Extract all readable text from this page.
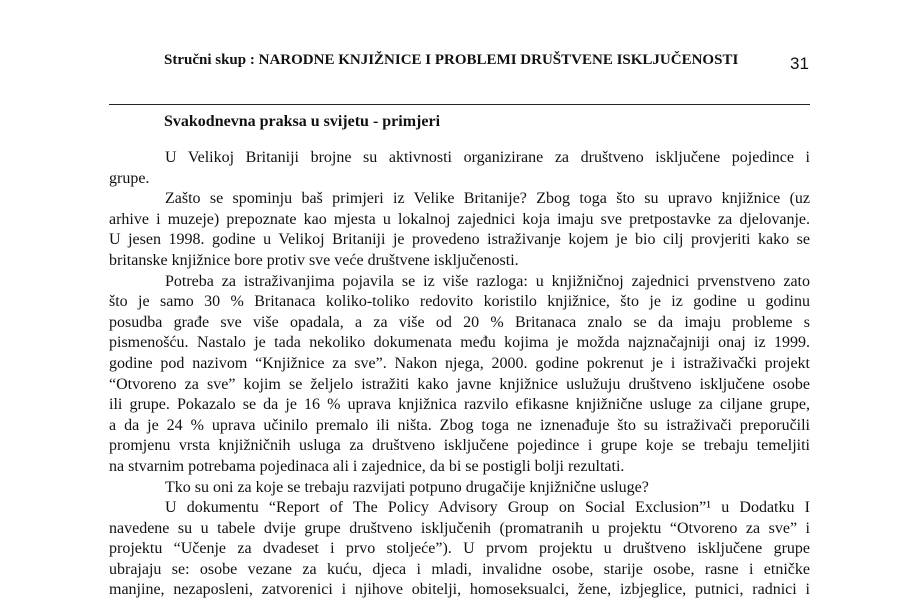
Stručni skup : NARODNE KNJIŽNICE I PROBLEMI DRUŠTVENE ISKLJUČENOSTI	31
Svakodnevna praksa u svijetu - primjeri
U Velikoj Britaniji brojne su aktivnosti organizirane za društveno isključene pojedince i
grupe.
Zašto se spominju baš primjeri iz Velike Britanije? Zbog toga što su upravo knjižnice (uz
arhive i muzeje) prepoznate kao mjesta u lokalnoj zajednici koja imaju sve pretpostavke za djelovanje.
U jesen 1998. godine u Velikoj Britaniji je provedeno istraživanje kojem je bio cilj provjeriti kako se
britanske knjižnice bore protiv sve veće društvene isključenosti.
Potreba za istraživanjima pojavila se iz više razloga: u knjižničnoj zajednici prvenstveno zato
što je samo 30 % Britanaca koliko-toliko redovito koristilo knjižnice, što je iz godine u godinu
posudba građe sve više opadala, a za više od 20 % Britanaca znalo se da imaju probleme s
pismenošću. Nastalo je tada nekoliko dokumenata među kojima je možda najznačajniji onaj iz 1999.
godine pod nazivom “Knjižnice za sve”. Nakon njega, 2000. godine pokrenut je i istraživački projekt
“Otvoreno za sve” kojim se željelo istražiti kako javne knjižnice uslužuju društveno isključene osobe
ili grupe. Pokazalo se da je 16 % uprava knjižnica razvilo efikasne knjižnične usluge za ciljane grupe,
a da je 24 % uprava učinilo premalo ili ništa. Zbog toga ne iznenađuje što su istraživači preporučili
promjenu vrsta knjižničnih usluga za društveno isključene pojedince i grupe koje se trebaju temeljiti
na stvarnim potrebama pojedinaca ali i zajednice, da bi se postigli bolji rezultati.
Tko su oni za koje se trebaju razvijati potpuno drugačije knjižnične usluge?
U dokumentu “Report of The Policy Advisory Group on Social Exclusion”¹ u Dodatku I
navedene su u tabele dvije grupe društveno isključenih (promatranih u projektu “Otvoreno za sve” i
projektu “Učenje za dvadeset i prvo stoljeće”). U prvom projektu u društveno isključene grupe
ubrajaju se: osobe vezane za kuću, djeca i mladi, invalidne osobe, starije osobe, rasne i etničke
manjine, nezaposleni, zatvorenici i njihove obitelji, homoseksualci, žene, izbjeglice, putnici, radnici i
